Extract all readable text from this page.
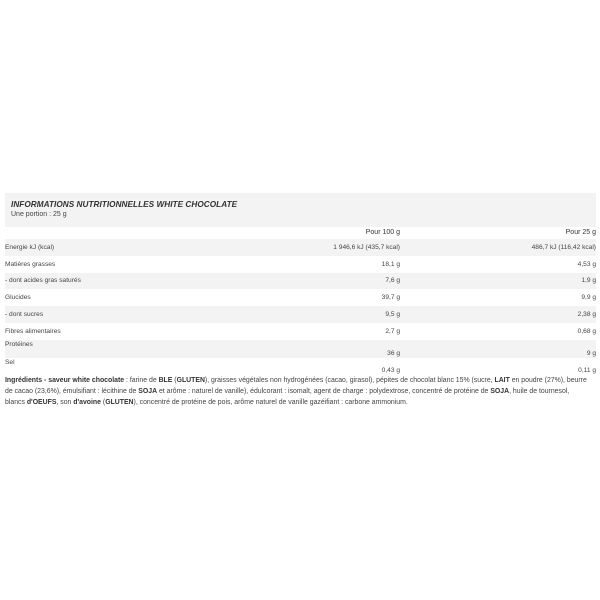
INFORMATIONS NUTRITIONNELLES WHITE CHOCOLATE
Une portion : 25 g
Pour 100 g	Pour 25 g
Energie kJ (kcal)	1 946,6 kJ (435,7 kcal)	486,7 kJ (116,42 kcal)
Matières grasses	18,1 g	4,53 g
- dont acides gras saturés	7,6 g	1,9 g
Glucides	39,7 g	9,9 g
- dont sucres	9,5 g	2,38 g
Fibres alimentaires	2,7 g	0,68 g
Protéines	36 g	9 g
Sel	0,43 g	0,11 g
Ingrédients - saveur white chocolate : farine de BLE (GLUTEN), graisses végétales non hydrogénées (cacao, girasol), pépites de chocolat blanc 15% (sucre, LAIT en poudre (27%), beurre de cacao (23,6%), émulsifiant : lécithine de SOJA et arôme : naturel de vanille), édulcorant : isomalt, agent de charge : polydextrose, concentré de protéine de SOJA, huile de tournesol, blancs d'OEUFS, son d'avoine (GLUTEN), concentré de protéine de pois, arôme naturel de vanille gazéifiant : carbone ammonium.
